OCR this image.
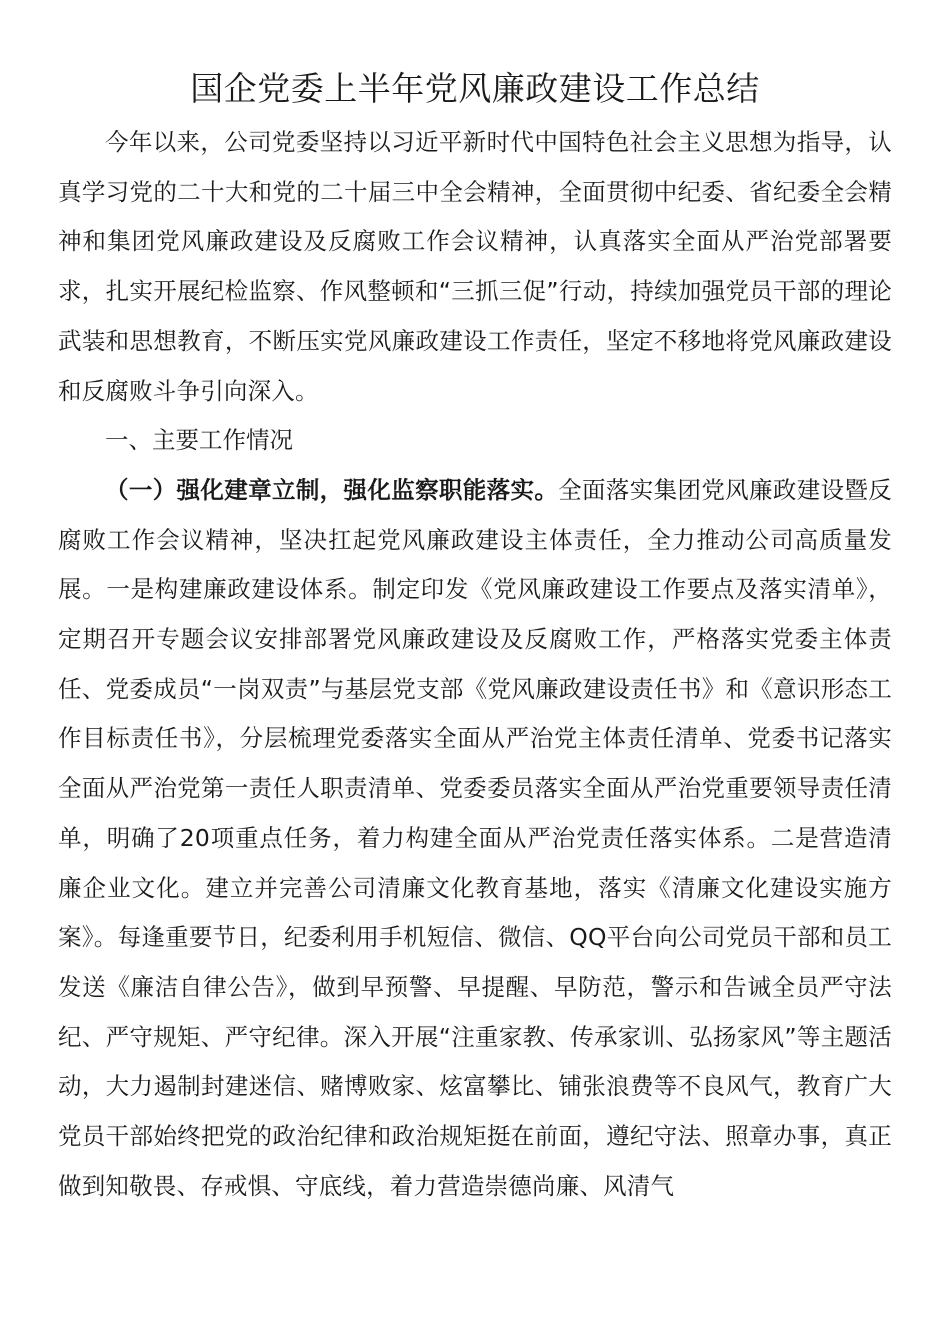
国企党委上半年党风廉政建设工作总结

今年以来，公司党委坚持以习近平新时代中国特色社会主义思想为指导，认真学习党的二十大和党的二十届三中全会精神，全面贯彻中纪委、省纪委全会精神和集团党风廉政建设及反腐败工作会议精神，认真落实全面从严治党部署要求，扎实开展纪检监察、作风整顿和“三抓三促”行动，持续加强党员干部的理论武装和思想教育，不断压实党风廉政建设工作责任，坚定不移地将党风廉政建设和反腐败斗争引向深入。

一、主要工作情况

（一）强化建章立制，强化监察职能落实。全面落实集团党风廉政建设暨反腐败工作会议精神，坚决扛起党风廉政建设主体责任，全力推动公司高质量发展。一是构建廉政建设体系。制定印发《党风廉政建设工作要点及落实清单》，定期召开专题会议安排部署党风廉政建设及反腐败工作，严格落实党委主体责任、党委成员“一岗双责”与基层党支部《党风廉政建设责任书》和《意识形态工作目标责任书》，分层梳理党委落实全面从严治党主体责任清单、党委书记落实全面从严治党第一责任人职责清单、党委委员落实全面从严治党重要领导责任清单，明确了20项重点任务，着力构建全面从严治党责任落实体系。二是营造清廉企业文化。建立并完善公司清廉文化教育基地，落实《清廉文化建设实施方案》。每逢重要节日，纪委利用手机短信、微信、QQ平台向公司党员干部和员工发送《廉洁自律公告》，做到早预警、早提醒、早防范，警示和告诫全员严守法纪、严守规矩、严守纪律。深入开展“注重家教、传承家训、弘扬家风”等主题活动，大力遏制封建迷信、赌博败家、炫富攀比、铺张浪费等不良风气，教育广大党员干部始终把党的政治纪律和政治规矩挺在前面，遵纪守法、照章办事，真正做到知敬畏、存戒惧、守底线，着力营造崇德尚廉、风清气
